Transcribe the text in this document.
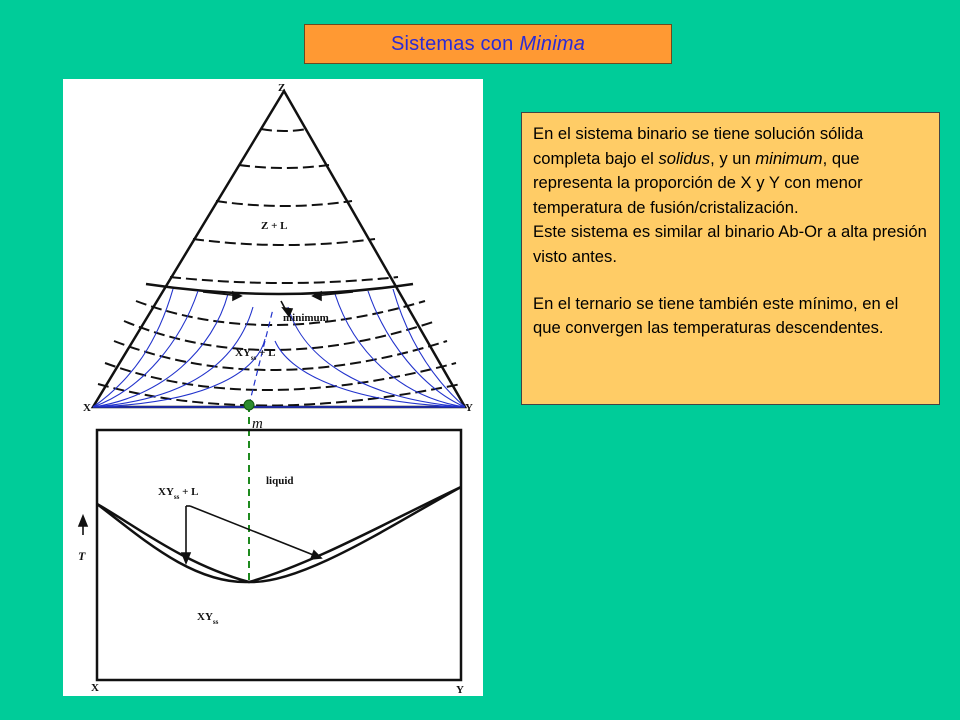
Sistemas con Minima
Z
X	Y
Z + L
minimum
$XY_{ss} + L$
m
$XY_{ss} + L$
liquid
$XY_{ss}$
T
X	Y

En el sistema binario se tiene solución sólida completa bajo el solidus, y un minimum, que representa la proporción de X y Y con menor temperatura de fusión/cristalización.

Este sistema es similar al binario Ab-Or a alta presión visto antes.

En el ternario se tiene también este mínimo, en el que convergen las temperaturas descendentes.
